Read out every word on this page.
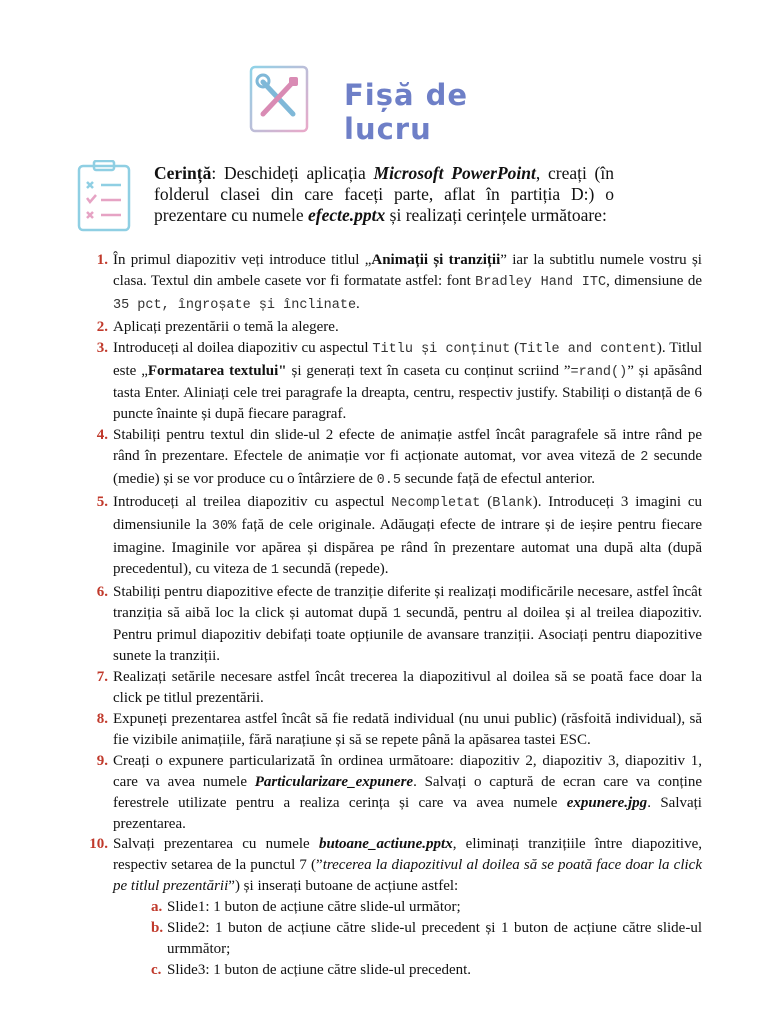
Fișă de lucru
Cerință: Deschideți aplicația Microsoft PowerPoint, creați (în folderul clasei din care faceți parte, aflat în partiția D:) o prezentare cu numele efecte.pptx și realizați cerințele următoare:
1. În primul diapozitiv veți introduce titlul „Animații și tranziții” iar la subtitlu numele vostru și clasa. Textul din ambele casete vor fi formatate astfel: font Bradley Hand ITC, dimensiune de 35 pct, îngroșate și înclinate.
2. Aplicați prezentării o temă la alegere.
3. Introduceți al doilea diapozitiv cu aspectul Titlu și conținut (Title and content). Titlul este „Formatarea textului" și generați text în caseta cu conținut scriind ”=rand()” și apăsând tasta Enter. Aliniați cele trei paragrafe la dreapta, centru, respectiv justify. Stabiliți o distanță de 6 puncte înainte și după fiecare paragraf.
4. Stabiliți pentru textul din slide-ul 2 efecte de animație astfel încât paragrafele să intre rând pe rând în prezentare. Efectele de animație vor fi acționate automat, vor avea viteză de 2 secunde (medie) și se vor produce cu o întârziere de 0.5 secunde față de efectul anterior.
5. Introduceți al treilea diapozitiv cu aspectul Necompletat (Blank). Introduceți 3 imagini cu dimensiunile la 30% față de cele originale. Adăugați efecte de intrare și de ieșire pentru fiecare imagine. Imaginile vor apărea și dispărea pe rând în prezentare automat una după alta (după precedentul), cu viteza de 1 secundă (repede).
6. Stabiliți pentru diapozitive efecte de tranziție diferite și realizați modificările necesare, astfel încât tranziția să aibă loc la click și automat după 1 secundă, pentru al doilea și al treilea diapozitiv. Pentru primul diapozitiv debifați toate opțiunile de avansare tranziții. Asociați pentru diapozitive sunete la tranziții.
7. Realizați setările necesare astfel încât trecerea la diapozitivul al doilea să se poată face doar la click pe titlul prezentării.
8. Expuneți prezentarea astfel încât să fie redată individual (nu unui public) (răsfoită individual), să fie vizibile animațiile, fără narațiune și să se repete până la apăsarea tastei ESC.
9. Creați o expunere particularizată în ordinea următoare: diapozitiv 2, diapozitiv 3, diapozitiv 1, care va avea numele Particularizare_expunere. Salvați o captură de ecran care va conține ferestrele utilizate pentru a realiza cerința și care va avea numele expunere.jpg. Salvați prezentarea.
10. Salvați prezentarea cu numele butoane_actiune.pptx, eliminați tranzițiile între diapozitive, respectiv setarea de la punctul 7 (”trecerea la diapozitivul al doilea să se poată face doar la click pe titlul prezentării”) și inserați butoane de acțiune astfel:
a. Slide1: 1 buton de acțiune către slide-ul următor;
b. Slide2: 1 buton de acțiune către slide-ul precedent și 1 buton de acțiune către slide-ul urmmător;
c. Slide3: 1 buton de acțiune către slide-ul precedent.
